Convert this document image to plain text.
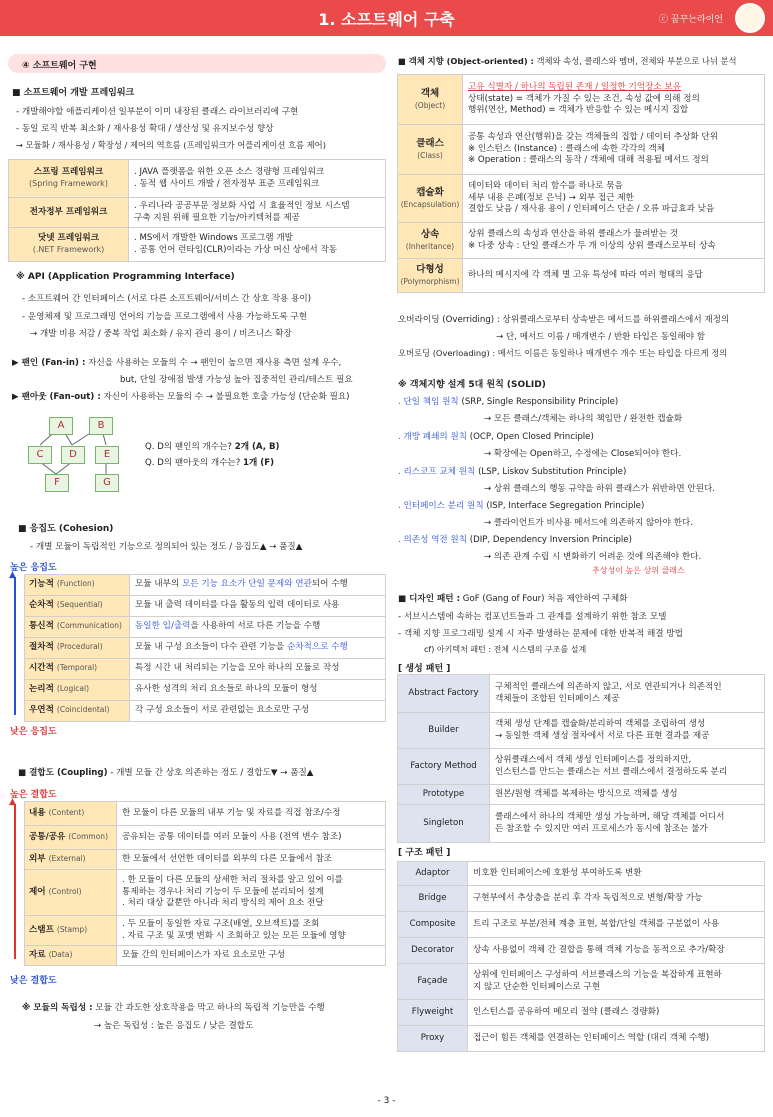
1. 소프트웨어 구축	ⓒ 꿈꾸는라이언
④ 소프트웨어 구현
■ 소프트웨어 개발 프레임워크
- 개발해야할 애플리케이션 일부분이 이미 내장된 클래스 라이브러리에 구현
- 동일 로직 반복 최소화 / 재사용성 확대 / 생산성 및 유지보수성 향상
→ 모듈화 / 재사용성 / 확장성 / 제어의 역흐름 (프레임워크가 어플리케이션 흐름 제어)
스프링 프레임워크
(Spring Framework)	. JAVA 플랫폼을 위한 오픈 소스 경량형 프레임워크
. 동적 웹 사이트 개발 / 전자정부 표준 프레임워크
전자정부 프레임워크	. 우리나라 공공부문 정보화 사업 시 효율적인 정보 시스템
구축 지원 위해 필요한 기능/아키텍처를 제공
닷넷 프레임워크
(.NET Framework)	. MS에서 개발한 Windows 프로그램 개발
. 공통 언어 런타임(CLR)이라는 가상 머신 상에서 작동
※ API (Application Programming Interface)
- 소프트웨어 간 인터페이스 (서로 다른 소프트웨어/서비스 간 상호 작용 용이)
- 운영체제 및 프로그래밍 언어의 기능을 프로그램에서 사용 가능하도록 구현
→ 개발 비용 저감 / 중복 작업 최소화 / 유지 관리 용이 / 비즈니스 확장
▶ 팬인 (Fan-in) : 자신을 사용하는 모듈의 수 → 팬인이 높으면 재사용 측면 설계 우수,
but, 단일 장애점 발생 가능성 높아 집중적인 관리/테스트 필요
▶ 팬아웃 (Fan-out) : 자신이 사용하는 모듈의 수 → 불필요한 호출 가능성 (단순화 필요)
A	B
C	D	E
F	G
Q. D의 팬인의 개수는? 2개 (A, B)
Q. D의 팬아웃의 개수는? 1개 (F)
■ 응집도 (Cohesion)
- 개별 모듈이 독립적인 기능으로 정의되어 있는 정도 / 응집도▲ → 품질▲
높은 응집도
▲
기능적 (Function)	모듈 내부의 모든 기능 요소가 단일 문제와 연관되어 수행
순차적 (Sequential)	모듈 내 출력 데이터를 다음 활동의 입력 데이터로 사용
통신적 (Communication)	동일한 입/출력을 사용하여 서로 다른 기능을 수행
절차적 (Procedural)	모듈 내 구성 요소들이 다수 관련 기능을 순차적으로 수행
시간적 (Temporal)	특정 시간 내 처리되는 기능을 모아 하나의 모듈로 작성
논리적 (Logical)	유사한 성격의 처리 요소들로 하나의 모듈이 형성
우연적 (Coincidental)	각 구성 요소들이 서로 관련없는 요소로만 구성
낮은 응집도
■ 결합도 (Coupling) - 개별 모듈 간 상호 의존하는 정도 / 결합도▼ → 품질▲
높은 결합도
▲
내용 (Content)	한 모듈이 다른 모듈의 내부 기능 및 자료를 직접 참조/수정
공통/공유 (Common)	공유되는 공통 데이터를 여러 모듈이 사용 (전역 변수 참조)
외부 (External)	한 모듈에서 선언한 데이터를 외부의 다른 모듈에서 참조
제어 (Control)	. 한 모듈이 다른 모듈의 상세한 처리 절차를 알고 있어 이를
통제하는 경우나 처리 기능이 두 모듈에 분리되어 설계
. 처리 대상 값뿐만 아니라 처리 방식의 제어 요소 전달
스탬프 (Stamp)	. 두 모듈이 동일한 자료 구조(배열, 오브젝트)를 조회
. 자료 구조 및 포맷 변화 시 조회하고 있는 모든 모듈에 영향
자료 (Data)	모듈 간의 인터페이스가 자료 요소로만 구성
낮은 결합도
※ 모듈의 독립성 : 모듈 간 과도한 상호작용을 막고 하나의 독립적 기능만을 수행
→ 높은 독립성 : 높은 응집도 / 낮은 결합도
■ 객체 지향 (Object-oriented) : 객체와 속성, 클래스와 멤버, 전체와 부분으로 나뉘 분석
객체
(Object)	고유 식별자 / 하나의 독립된 존재 / 일정한 기억장소 보유
상태(state) = 객체가 가질 수 있는 조건, 속성 값에 의해 정의
행위(연산, Method) = 객체가 반응할 수 있는 메시지 집합
클래스
(Class)	공통 속성과 연산(행위)을 갖는 객체들의 집합 / 데이터 추상화 단위
※ 인스턴스 (Instance) : 클래스에 속한 각각의 객체
※ Operation : 클래스의 동작 / 객체에 대해 적용될 메서드 정의
캡슐화
(Encapsulation)	데이터와 데이터 처리 함수를 하나로 묶음
세부 내용 은폐(정보 은닉) → 외부 접근 제한
결합도 낮음 / 재사용 용이 / 인터페이스 단순 / 오류 파급효과 낮음
상속
(Inheritance)	상위 클래스의 속성과 연산을 하위 클래스가 물려받는 것
※ 다중 상속 : 단일 클래스가 두 개 이상의 상위 클래스로부터 상속
다형성
(Polymorphism)	하나의 메시지에 각 객체 별 고유 특성에 따라 여러 형태의 응답
오버라이딩 (Overriding) : 상위클래스로부터 상속받은 메서드를 하위클래스에서 재정의
→ 단, 메서드 이름 / 매개변수 / 반환 타입은 동일해야 함
오버로딩 (Overloading) : 메서드 이름은 동일하나 매개변수 개수 또는 타입을 다르게 정의
※ 객체지향 설계 5대 원칙 (SOLID)
. 단일 책임 원칙 (SRP, Single Responsibility Principle)
→ 모든 클래스/객체는 하나의 책임만 / 완전한 캡슐화
. 개방 폐쇄의 원칙 (OCP, Open Closed Principle)
→ 확장에는 Open하고, 수정에는 Close되어야 한다.
. 리스코프 교체 원칙 (LSP, Liskov Substitution Principle)
→ 상위 클래스의 행동 규약을 하위 클래스가 위반하면 안된다.
. 인터페이스 분리 원칙 (ISP, Interface Segregation Principle)
→ 클라이언트가 비사용 메서드에 의존하지 않아야 한다.
. 의존성 역전 원칙 (DIP, Dependency Inversion Principle)
→ 의존 관계 수립 시 변화하기 어려운 것에 의존해야 한다.
추상성이 높은 상위 클래스
■ 디자인 패턴 : GoF (Gang of Four) 처음 제안하여 구체화
- 서브시스템에 속하는 컴포넌트들과 그 관계를 설계하기 위한 참조 모델
- 객체 지향 프로그래밍 설계 시 자주 발생하는 문제에 대한 반복적 해결 방법
cf) 아키텍처 패턴 : 전체 시스템의 구조를 설계
[ 생성 패턴 ]
Abstract Factory	구체적인 클래스에 의존하지 않고, 서로 연관되거나 의존적인
객체들이 조합된 인터페이스 제공
Builder	객체 생성 단계를 캡슐화/분리하여 객체를 조립하여 생성
→ 동일한 객체 생성 절차에서 서로 다른 표현 결과를 제공
Factory Method	상위클래스에서 객체 생성 인터페이스를 정의하지만,
인스턴스를 만드는 클래스는 서브 클래스에서 결정하도록 분리
Prototype	원본/원형 객체를 복제하는 방식으로 객체를 생성
Singleton	클래스에서 하나의 객체만 생성 가능하며, 해당 객체를 어디서
든 참조할 수 있지만 여러 프로세스가 동시에 참조는 불가
[ 구조 패턴 ]
Adaptor	비호환 인터페이스에 호환성 부여하도록 변환
Bridge	구현부에서 추상층을 분리 후 각자 독립적으로 변형/확장 가능
Composite	트리 구조로 부분/전체 계층 표현, 복합/단일 객체를 구분없이 사용
Decorator	상속 사용없이 객체 간 결합을 통해 객체 기능을 동적으로 추가/확장
Façade	상위에 인터페이스 구성하여 서브클래스의 기능을 복잡하게 표현하
지 않고 단순한 인터페이스로 구현
Flyweight	인스턴스를 공유하여 메모리 절약 (클래스 경량화)
Proxy	접근이 힘든 객체를 연결하는 인터페이스 역할 (대리 객체 수행)
- 3 -
